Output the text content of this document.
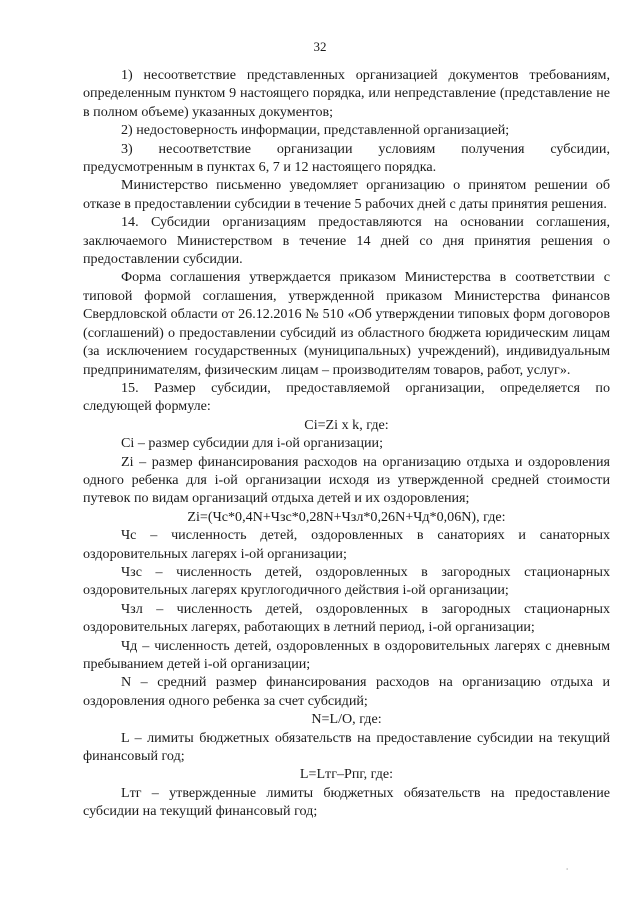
32

1) несоответствие представленных организацией документов требованиям, определенным пунктом 9 настоящего порядка, или непредставление (представление не в полном объеме) указанных документов;

2) недостоверность информации, представленной организацией;

3) несоответствие организации условиям получения субсидии, предусмотренным в пунктах 6, 7 и 12 настоящего порядка.

Министерство письменно уведомляет организацию о принятом решении об отказе в предоставлении субсидии в течение 5 рабочих дней с даты принятия решения.

14. Субсидии организациям предоставляются на основании соглашения, заключаемого Министерством в течение 14 дней со дня принятия решения о предоставлении субсидии.

Форма соглашения утверждается приказом Министерства в соответствии с типовой формой соглашения, утвержденной приказом Министерства финансов Свердловской области от 26.12.2016 № 510 «Об утверждении типовых форм договоров (соглашений) о предоставлении субсидий из областного бюджета юридическим лицам (за исключением государственных (муниципальных) учреждений), индивидуальным предпринимателям, физическим лицам – производителям товаров, работ, услуг».

15. Размер субсидии, предоставляемой организации, определяется по следующей формуле:

Ci=Zi x k, где:

Ci – размер субсидии для i-ой организации;

Zi – размер финансирования расходов на организацию отдыха и оздоровления одного ребенка для i-ой организации исходя из утвержденной средней стоимости путевок по видам организаций отдыха детей и их оздоровления;

Zi=(Чс*0,4N+Чзс*0,28N+Чзл*0,26N+Чд*0,06N), где:

Чс – численность детей, оздоровленных в санаториях и санаторных оздоровительных лагерях i-ой организации;

Чзс – численность детей, оздоровленных в загородных стационарных оздоровительных лагерях круглогодичного действия i-ой организации;

Чзл – численность детей, оздоровленных в загородных стационарных оздоровительных лагерях, работающих в летний период, i-ой организации;

Чд – численность детей, оздоровленных в оздоровительных лагерях с дневным пребыванием детей i-ой организации;

N – средний размер финансирования расходов на организацию отдыха и оздоровления одного ребенка за счет субсидий;

N=L/O, где:

L – лимиты бюджетных обязательств на предоставление субсидии на текущий финансовый год;

L=Lтг–Рпг, где:

Lтг – утвержденные лимиты бюджетных обязательств на предоставление субсидии на текущий финансовый год;

∙
